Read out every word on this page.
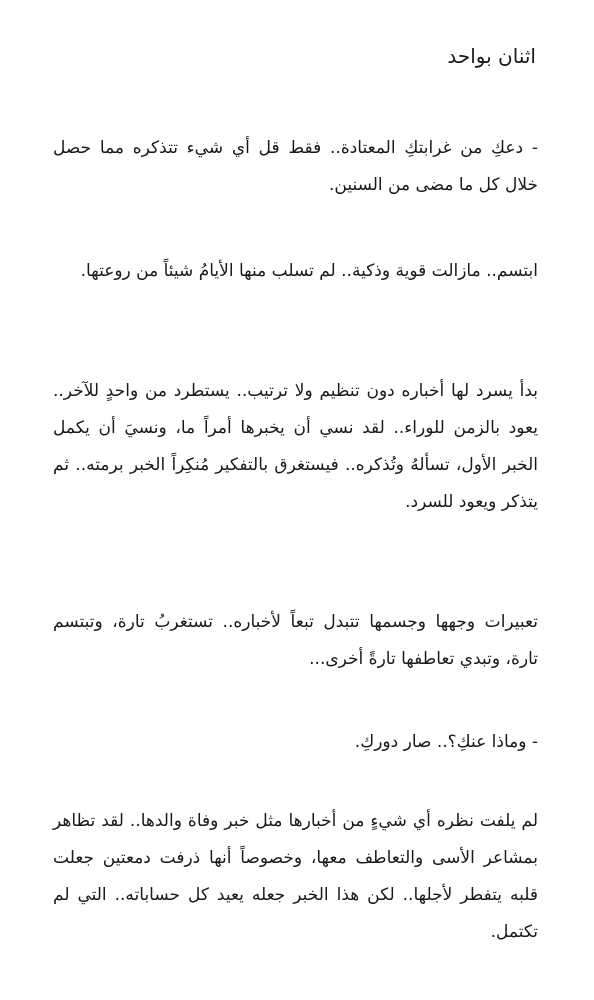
اثنان بواحد

- دعكِ من غرابتكِ المعتادة.. فقط قل أي شيء تتذكره مما حصل خلال كل ما مضى من السنين.

ابتسم.. مازالت قوية وذكية.. لم تسلب منها الأيامُ شيئاً من روعتها.

بدأ يسرد لها أخباره دون تنظيم ولا ترتيب.. يستطرد من واحدٍ للآخر.. يعود بالزمن للوراء.. لقد نسي أن يخبرها أمراً ما، ونسيَ أن يكمل الخبر الأول، تسألهُ وتُذكره.. فيستغرق بالتفكير مُنكِراً الخبر برمته.. ثم يتذكر ويعود للسرد.

تعبيرات وجهها وجسمها تتبدل تبعاً لأخباره.. تستغربُ تارة، وتبتسم تارة، وتبدي تعاطفها تارةً أخرى...

- وماذا عنكِ؟.. صار دوركِ.

لم يلفت نظره أي شيءٍ من أخبارها مثل خبر وفاة والدها.. لقد تظاهر بمشاعر الأسى والتعاطف معها، وخصوصاً أنها ذرفت دمعتين جعلت قلبه يتفطر لأجلها.. لكن هذا الخبر جعله يعيد كل حساباته.. التي لم تكتمل.
